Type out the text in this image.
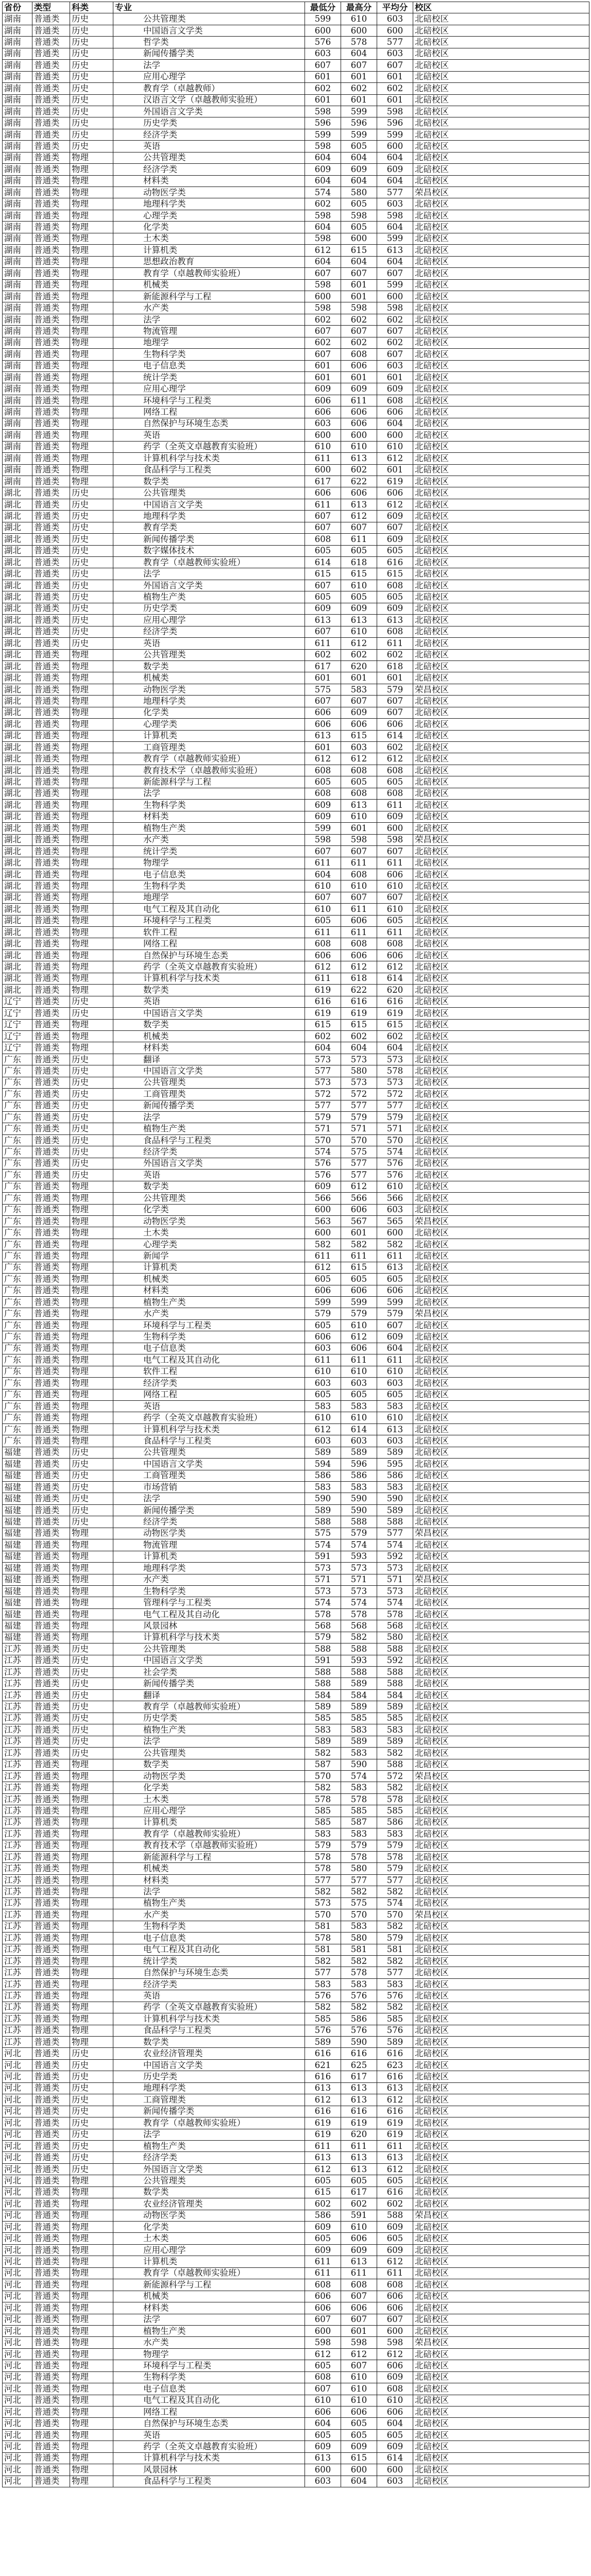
省份	类型	科类	专业	最低分	最高分	平均分	校区
湖南	普通类	历史	公共管理类	599	610	603	北碚校区
湖南	普通类	历史	中国语言文学类	600	600	600	北碚校区
湖南	普通类	历史	哲学类	576	578	577	北碚校区
湖南	普通类	历史	新闻传播学类	603	604	603	北碚校区
湖南	普通类	历史	法学	607	607	607	北碚校区
湖南	普通类	历史	应用心理学	601	601	601	北碚校区
湖南	普通类	历史	教育学（卓越教师）	602	602	602	北碚校区
湖南	普通类	历史	汉语言文学（卓越教师实验班）	601	601	601	北碚校区
湖南	普通类	历史	外国语言文学类	598	599	598	北碚校区
湖南	普通类	历史	历史学类	596	596	596	北碚校区
湖南	普通类	历史	经济学类	599	599	599	北碚校区
湖南	普通类	历史	英语	598	605	600	北碚校区
湖南	普通类	物理	公共管理类	604	604	604	北碚校区
湖南	普通类	物理	经济学类	609	609	609	北碚校区
湖南	普通类	物理	材料类	604	604	604	北碚校区
湖南	普通类	物理	动物医学类	574	580	577	荣昌校区
湖南	普通类	物理	地理科学类	602	605	603	北碚校区
湖南	普通类	物理	心理学类	598	598	598	北碚校区
湖南	普通类	物理	化学类	604	605	604	北碚校区
湖南	普通类	物理	土木类	598	600	599	北碚校区
湖南	普通类	物理	计算机类	612	615	613	北碚校区
湖南	普通类	物理	思想政治教育	604	604	604	北碚校区
湖南	普通类	物理	教育学（卓越教师实验班）	607	607	607	北碚校区
湖南	普通类	物理	机械类	598	601	599	北碚校区
湖南	普通类	物理	新能源科学与工程	600	601	600	北碚校区
湖南	普通类	物理	水产类	598	598	598	北碚校区
湖南	普通类	物理	法学	602	602	602	北碚校区
湖南	普通类	物理	物流管理	607	607	607	北碚校区
湖南	普通类	物理	地理学	602	602	602	北碚校区
湖南	普通类	物理	生物科学类	607	608	607	北碚校区
湖南	普通类	物理	电子信息类	601	606	603	北碚校区
湖南	普通类	物理	统计学类	601	601	601	北碚校区
湖南	普通类	物理	应用心理学	609	609	609	北碚校区
湖南	普通类	物理	环境科学与工程类	606	611	608	北碚校区
湖南	普通类	物理	网络工程	606	606	606	北碚校区
湖南	普通类	物理	自然保护与环境生态类	603	606	604	北碚校区
湖南	普通类	物理	英语	600	600	600	北碚校区
湖南	普通类	物理	药学（全英文卓越教育实验班）	610	610	610	北碚校区
湖南	普通类	物理	计算机科学与技术类	611	613	612	北碚校区
湖南	普通类	物理	食品科学与工程类	600	602	601	北碚校区
湖南	普通类	物理	数学类	617	622	619	北碚校区
湖北	普通类	历史	公共管理类	606	606	606	北碚校区
湖北	普通类	历史	中国语言文学类	611	613	612	北碚校区
湖北	普通类	历史	地理科学类	607	612	609	北碚校区
湖北	普通类	历史	教育学类	607	607	607	北碚校区
湖北	普通类	历史	新闻传播学类	608	611	609	北碚校区
湖北	普通类	历史	数字媒体技术	605	605	605	北碚校区
湖北	普通类	历史	教育学（卓越教师实验班）	614	618	616	北碚校区
湖北	普通类	历史	法学	615	615	615	北碚校区
湖北	普通类	历史	外国语言文学类	607	610	608	北碚校区
湖北	普通类	历史	植物生产类	605	605	605	北碚校区
湖北	普通类	历史	历史学类	609	609	609	北碚校区
湖北	普通类	历史	应用心理学	613	613	613	北碚校区
湖北	普通类	历史	经济学类	607	610	608	北碚校区
湖北	普通类	历史	英语	611	612	611	北碚校区
湖北	普通类	物理	公共管理类	602	602	602	北碚校区
湖北	普通类	物理	数学类	617	620	618	北碚校区
湖北	普通类	物理	机械类	601	601	601	北碚校区
湖北	普通类	物理	动物医学类	575	583	579	荣昌校区
湖北	普通类	物理	地理科学类	607	607	607	北碚校区
湖北	普通类	物理	化学类	606	609	607	北碚校区
湖北	普通类	物理	心理学类	606	606	606	北碚校区
湖北	普通类	物理	计算机类	613	615	614	北碚校区
湖北	普通类	物理	工商管理类	601	603	602	北碚校区
湖北	普通类	物理	教育学（卓越教师实验班）	612	612	612	北碚校区
湖北	普通类	物理	教育技术学（卓越教师实验班）	608	608	608	北碚校区
湖北	普通类	物理	新能源科学与工程	605	605	605	北碚校区
湖北	普通类	物理	法学	608	608	608	北碚校区
湖北	普通类	物理	生物科学类	609	613	611	北碚校区
湖北	普通类	物理	材料类	609	610	609	北碚校区
湖北	普通类	物理	植物生产类	599	601	600	北碚校区
湖北	普通类	物理	水产类	598	598	598	荣昌校区
湖北	普通类	物理	统计学类	607	607	607	北碚校区
湖北	普通类	物理	物理学	611	611	611	北碚校区
湖北	普通类	物理	电子信息类	604	608	606	北碚校区
湖北	普通类	物理	生物科学类	610	610	610	北碚校区
湖北	普通类	物理	地理学	607	607	607	北碚校区
湖北	普通类	物理	电气工程及其自动化	610	611	610	北碚校区
湖北	普通类	物理	环境科学与工程类	605	606	605	北碚校区
湖北	普通类	物理	软件工程	611	611	611	北碚校区
湖北	普通类	物理	网络工程	608	608	608	北碚校区
湖北	普通类	物理	自然保护与环境生态类	606	606	606	北碚校区
湖北	普通类	物理	药学（全英文卓越教育实验班）	612	612	612	北碚校区
湖北	普通类	物理	计算机科学与技术类	611	618	614	北碚校区
湖北	普通类	物理	数学类	619	622	620	北碚校区
辽宁	普通类	历史	英语	616	616	616	北碚校区
辽宁	普通类	历史	中国语言文学类	619	619	619	北碚校区
辽宁	普通类	物理	数学类	615	615	615	北碚校区
辽宁	普通类	物理	机械类	602	602	602	北碚校区
辽宁	普通类	物理	材料类	604	604	604	北碚校区
广东	普通类	历史	翻译	573	573	573	北碚校区
广东	普通类	历史	中国语言文学类	577	580	578	北碚校区
广东	普通类	历史	公共管理类	573	573	573	北碚校区
广东	普通类	历史	工商管理类	572	572	572	北碚校区
广东	普通类	历史	新闻传播学类	577	577	577	北碚校区
广东	普通类	历史	法学	579	579	579	北碚校区
广东	普通类	历史	植物生产类	571	571	571	北碚校区
广东	普通类	历史	食品科学与工程类	570	570	570	北碚校区
广东	普通类	历史	经济学类	574	575	574	北碚校区
广东	普通类	历史	外国语言文学类	576	577	576	北碚校区
广东	普通类	历史	英语	576	577	576	北碚校区
广东	普通类	物理	数学类	609	612	610	北碚校区
广东	普通类	物理	公共管理类	566	566	566	北碚校区
广东	普通类	物理	化学类	600	606	603	北碚校区
广东	普通类	物理	动物医学类	563	567	565	荣昌校区
广东	普通类	物理	土木类	600	601	600	北碚校区
广东	普通类	物理	心理学类	582	582	582	北碚校区
广东	普通类	物理	新闻学	611	611	611	北碚校区
广东	普通类	物理	计算机类	612	615	613	北碚校区
广东	普通类	物理	机械类	605	605	605	北碚校区
广东	普通类	物理	材料类	606	606	606	北碚校区
广东	普通类	物理	植物生产类	599	599	599	北碚校区
广东	普通类	物理	水产类	579	579	579	荣昌校区
广东	普通类	物理	环境科学与工程类	605	610	607	北碚校区
广东	普通类	物理	生物科学类	606	612	609	北碚校区
广东	普通类	物理	电子信息类	603	606	604	北碚校区
广东	普通类	物理	电气工程及其自动化	611	611	611	北碚校区
广东	普通类	物理	软件工程	610	610	610	北碚校区
广东	普通类	物理	经济学类	603	603	603	北碚校区
广东	普通类	物理	网络工程	605	605	605	北碚校区
广东	普通类	物理	英语	583	583	583	北碚校区
广东	普通类	物理	药学（全英文卓越教育实验班）	610	610	610	北碚校区
广东	普通类	物理	计算机科学与技术类	612	614	613	北碚校区
广东	普通类	物理	食品科学与工程类	603	603	603	北碚校区
福建	普通类	历史	公共管理类	589	589	589	北碚校区
福建	普通类	历史	中国语言文学类	594	596	595	北碚校区
福建	普通类	历史	工商管理类	586	586	586	北碚校区
福建	普通类	历史	市场营销	583	583	583	北碚校区
福建	普通类	历史	法学	590	590	590	北碚校区
福建	普通类	历史	新闻传播学类	589	590	589	北碚校区
福建	普通类	历史	经济学类	588	588	588	北碚校区
福建	普通类	物理	动物医学类	575	579	577	荣昌校区
福建	普通类	物理	物流管理	574	574	574	北碚校区
福建	普通类	物理	计算机类	591	593	592	北碚校区
福建	普通类	物理	地理科学类	573	573	573	北碚校区
福建	普通类	物理	水产类	571	571	571	荣昌校区
福建	普通类	物理	生物科学类	573	573	573	北碚校区
福建	普通类	物理	管理科学与工程类	574	574	574	北碚校区
福建	普通类	物理	电气工程及其自动化	578	578	578	北碚校区
福建	普通类	物理	风景园林	568	568	568	北碚校区
福建	普通类	物理	计算机科学与技术类	579	582	580	北碚校区
江苏	普通类	历史	公共管理类	588	588	588	北碚校区
江苏	普通类	历史	中国语言文学类	591	593	592	北碚校区
江苏	普通类	历史	社会学类	588	588	588	北碚校区
江苏	普通类	历史	新闻传播学类	588	589	588	北碚校区
江苏	普通类	历史	翻译	584	584	584	北碚校区
江苏	普通类	历史	教育学（卓越教师实验班）	589	589	589	北碚校区
江苏	普通类	历史	历史学类	585	585	585	北碚校区
江苏	普通类	历史	植物生产类	583	583	583	北碚校区
江苏	普通类	历史	法学	589	589	589	北碚校区
江苏	普通类	历史	公共管理类	582	583	582	北碚校区
江苏	普通类	物理	数学类	587	590	588	北碚校区
江苏	普通类	物理	动物医学类	570	574	572	荣昌校区
江苏	普通类	物理	化学类	582	583	582	北碚校区
江苏	普通类	物理	土木类	578	578	578	北碚校区
江苏	普通类	物理	应用心理学	585	585	585	北碚校区
江苏	普通类	物理	计算机类	585	587	586	北碚校区
江苏	普通类	物理	教育学（卓越教师实验班）	583	583	583	北碚校区
江苏	普通类	物理	教育技术学（卓越教师实验班）	579	579	579	北碚校区
江苏	普通类	物理	新能源科学与工程	578	578	578	北碚校区
江苏	普通类	物理	机械类	578	580	579	北碚校区
江苏	普通类	物理	材料类	577	577	577	北碚校区
江苏	普通类	物理	法学	582	582	582	北碚校区
江苏	普通类	物理	植物生产类	573	575	574	北碚校区
江苏	普通类	物理	水产类	570	570	570	荣昌校区
江苏	普通类	物理	生物科学类	581	583	582	北碚校区
江苏	普通类	物理	电子信息类	578	580	579	北碚校区
江苏	普通类	物理	电气工程及其自动化	581	581	581	北碚校区
江苏	普通类	物理	统计学类	582	582	582	北碚校区
江苏	普通类	物理	自然保护与环境生态类	577	578	577	北碚校区
江苏	普通类	物理	经济学类	583	583	583	北碚校区
江苏	普通类	物理	英语	576	576	576	北碚校区
江苏	普通类	物理	药学（全英文卓越教育实验班）	582	582	582	北碚校区
江苏	普通类	物理	计算机科学与技术类	585	586	585	北碚校区
江苏	普通类	物理	食品科学与工程类	576	576	576	北碚校区
江苏	普通类	物理	数学类	589	590	589	北碚校区
河北	普通类	历史	农业经济管理类	616	616	616	北碚校区
河北	普通类	历史	中国语言文学类	621	625	623	北碚校区
河北	普通类	历史	历史学类	616	617	616	北碚校区
河北	普通类	历史	地理科学类	613	613	613	北碚校区
河北	普通类	历史	工商管理类	612	613	612	北碚校区
河北	普通类	历史	新闻传播学类	616	616	616	北碚校区
河北	普通类	历史	教育学（卓越教师实验班）	619	619	619	北碚校区
河北	普通类	历史	法学	619	620	619	北碚校区
河北	普通类	历史	植物生产类	611	611	611	北碚校区
河北	普通类	历史	经济学类	613	613	613	北碚校区
河北	普通类	历史	外国语言文学类	612	613	612	北碚校区
河北	普通类	物理	公共管理类	605	605	605	北碚校区
河北	普通类	物理	数学类	615	617	616	北碚校区
河北	普通类	物理	农业经济管理类	602	602	602	北碚校区
河北	普通类	物理	动物医学类	586	591	588	荣昌校区
河北	普通类	物理	化学类	609	610	609	北碚校区
河北	普通类	物理	土木类	605	606	605	北碚校区
河北	普通类	物理	应用心理学	609	609	609	北碚校区
河北	普通类	物理	计算机类	611	613	612	北碚校区
河北	普通类	物理	教育学（卓越教师实验班）	611	611	611	北碚校区
河北	普通类	物理	新能源科学与工程	608	608	608	北碚校区
河北	普通类	物理	机械类	606	607	606	北碚校区
河北	普通类	物理	材料类	606	606	606	北碚校区
河北	普通类	物理	法学	607	607	607	北碚校区
河北	普通类	物理	植物生产类	600	601	600	北碚校区
河北	普通类	物理	水产类	598	598	598	荣昌校区
河北	普通类	物理	物理学	612	612	612	北碚校区
河北	普通类	物理	环境科学与工程类	605	607	606	北碚校区
河北	普通类	物理	生物科学类	608	610	609	北碚校区
河北	普通类	物理	电子信息类	607	610	608	北碚校区
河北	普通类	物理	电气工程及其自动化	610	610	610	北碚校区
河北	普通类	物理	网络工程	606	606	606	北碚校区
河北	普通类	物理	自然保护与环境生态类	604	605	604	北碚校区
河北	普通类	物理	英语	605	605	605	北碚校区
河北	普通类	物理	药学（全英文卓越教育实验班）	609	609	609	北碚校区
河北	普通类	物理	计算机科学与技术类	613	615	614	北碚校区
河北	普通类	物理	风景园林	600	600	600	北碚校区
河北	普通类	物理	食品科学与工程类	603	604	603	北碚校区
